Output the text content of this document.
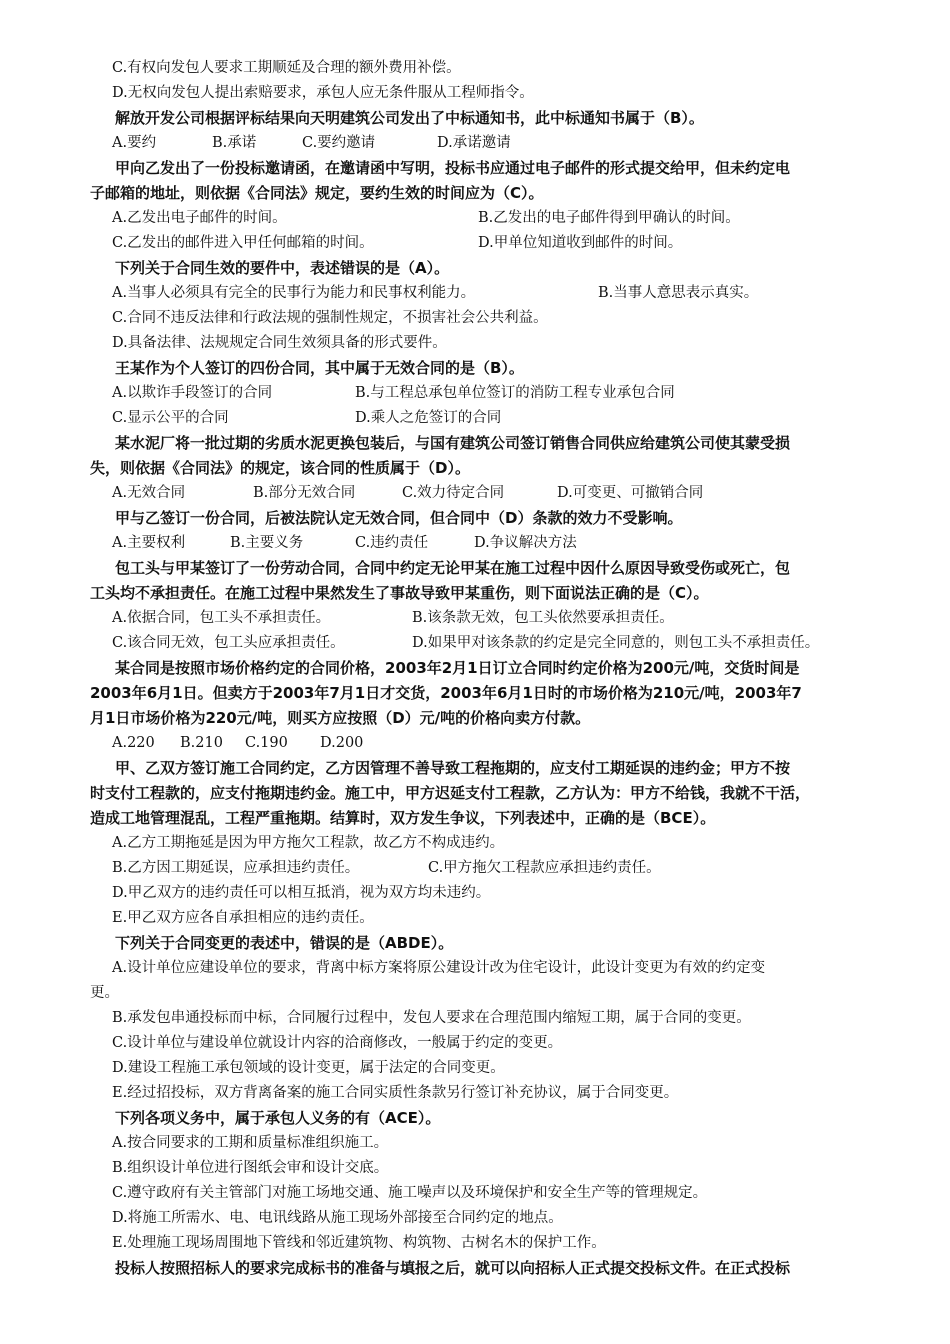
C.有权向发包人要求工期顺延及合理的额外费用补偿。
D.无权向发包人提出索赔要求，承包人应无条件服从工程师指令。
解放开发公司根据评标结果向天明建筑公司发出了中标通知书，此中标通知书属于（B）。
A.要约	B.承诺	C.要约邀请	D.承诺邀请
甲向乙发出了一份投标邀请函，在邀请函中写明，投标书应通过电子邮件的形式提交给甲，但未约定电
子邮箱的地址，则依据《合同法》规定，要约生效的时间应为（C）。
A.乙发出电子邮件的时间。	B.乙发出的电子邮件得到甲确认的时间。
C.乙发出的邮件进入甲任何邮箱的时间。	D.甲单位知道收到邮件的时间。
下列关于合同生效的要件中，表述错误的是（A）。
A.当事人必须具有完全的民事行为能力和民事权利能力。	B.当事人意思表示真实。
C.合同不违反法律和行政法规的强制性规定，不损害社会公共利益。
D.具备法律、法规规定合同生效须具备的形式要件。
王某作为个人签订的四份合同，其中属于无效合同的是（B）。
A.以欺诈手段签订的合同	B.与工程总承包单位签订的消防工程专业承包合同
C.显示公平的合同	D.乘人之危签订的合同
某水泥厂将一批过期的劣质水泥更换包装后，与国有建筑公司签订销售合同供应给建筑公司使其蒙受损
失，则依据《合同法》的规定，该合同的性质属于（D）。
A.无效合同	B.部分无效合同	C.效力待定合同	D.可变更、可撤销合同
甲与乙签订一份合同，后被法院认定无效合同，但合同中（D）条款的效力不受影响。
A.主要权利	B.主要义务	C.违约责任	D.争议解决方法
包工头与甲某签订了一份劳动合同，合同中约定无论甲某在施工过程中因什么原因导致受伤或死亡，包
工头均不承担责任。在施工过程中果然发生了事故导致甲某重伤，则下面说法正确的是（C）。
A.依据合同，包工头不承担责任。	B.该条款无效，包工头依然要承担责任。
C.该合同无效，包工头应承担责任。	D.如果甲对该条款的约定是完全同意的，则包工头不承担责任。
某合同是按照市场价格约定的合同价格，2003年2月1日订立合同时约定价格为200元/吨，交货时间是
2003年6月1日。但卖方于2003年7月1日才交货，2003年6月1日时的市场价格为210元/吨，2003年7
月1日市场价格为220元/吨，则买方应按照（D）元/吨的价格向卖方付款。
A.220 B.210 C.190 D.200
甲、乙双方签订施工合同约定，乙方因管理不善导致工程拖期的，应支付工期延误的违约金；甲方不按
时支付工程款的，应支付拖期违约金。施工中，甲方迟延支付工程款，乙方认为：甲方不给钱，我就不干活，
造成工地管理混乱，工程严重拖期。结算时，双方发生争议，下列表述中，正确的是（BCE）。
A.乙方工期拖延是因为甲方拖欠工程款，故乙方不构成违约。
B.乙方因工期延误，应承担违约责任。	C.甲方拖欠工程款应承担违约责任。
D.甲乙双方的违约责任可以相互抵消，视为双方均未违约。
E.甲乙双方应各自承担相应的违约责任。
下列关于合同变更的表述中，错误的是（ABDE）。
A.设计单位应建设单位的要求，背离中标方案将原公建设计改为住宅设计，此设计变更为有效的约定变
更。
B.承发包串通投标而中标，合同履行过程中，发包人要求在合理范围内缩短工期，属于合同的变更。
C.设计单位与建设单位就设计内容的洽商修改，一般属于约定的变更。
D.建设工程施工承包领域的设计变更，属于法定的合同变更。
E.经过招投标，双方背离备案的施工合同实质性条款另行签订补充协议，属于合同变更。
下列各项义务中，属于承包人义务的有（ACE）。
A.按合同要求的工期和质量标准组织施工。
B.组织设计单位进行图纸会审和设计交底。
C.遵守政府有关主管部门对施工场地交通、施工噪声以及环境保护和安全生产等的管理规定。
D.将施工所需水、电、电讯线路从施工现场外部接至合同约定的地点。
E.处理施工现场周围地下管线和邻近建筑物、构筑物、古树名木的保护工作。
投标人按照招标人的要求完成标书的准备与填报之后，就可以向招标人正式提交投标文件。在正式投标
